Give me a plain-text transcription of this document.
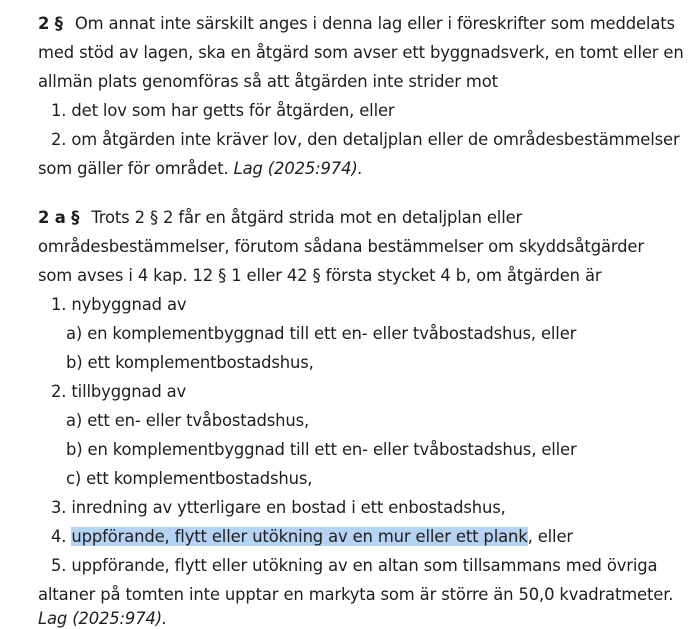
2 § Om annat inte särskilt anges i denna lag eller i föreskrifter som meddelats
med stöd av lagen, ska en åtgärd som avser ett byggnadsverk, en tomt eller en
allmän plats genomföras så att åtgärden inte strider mot
1. det lov som har getts för åtgärden, eller
2. om åtgärden inte kräver lov, den detaljplan eller de områdesbestämmelser
som gäller för området. Lag (2025:974).
2 a § Trots 2 § 2 får en åtgärd strida mot en detaljplan eller
områdesbestämmelser, förutom sådana bestämmelser om skyddsåtgärder
som avses i 4 kap. 12 § 1 eller 42 § första stycket 4 b, om åtgärden är
1. nybyggnad av
a) en komplementbyggnad till ett en- eller tvåbostadshus, eller
b) ett komplementbostadshus,
2. tillbyggnad av
a) ett en- eller tvåbostadshus,
b) en komplementbyggnad till ett en- eller tvåbostadshus, eller
c) ett komplementbostadshus,
3. inredning av ytterligare en bostad i ett enbostadshus,
4. uppförande, flytt eller utökning av en mur eller ett plank, eller
5. uppförande, flytt eller utökning av en altan som tillsammans med övriga
altaner på tomten inte upptar en markyta som är större än 50,0 kvadratmeter.
Lag (2025:974).
